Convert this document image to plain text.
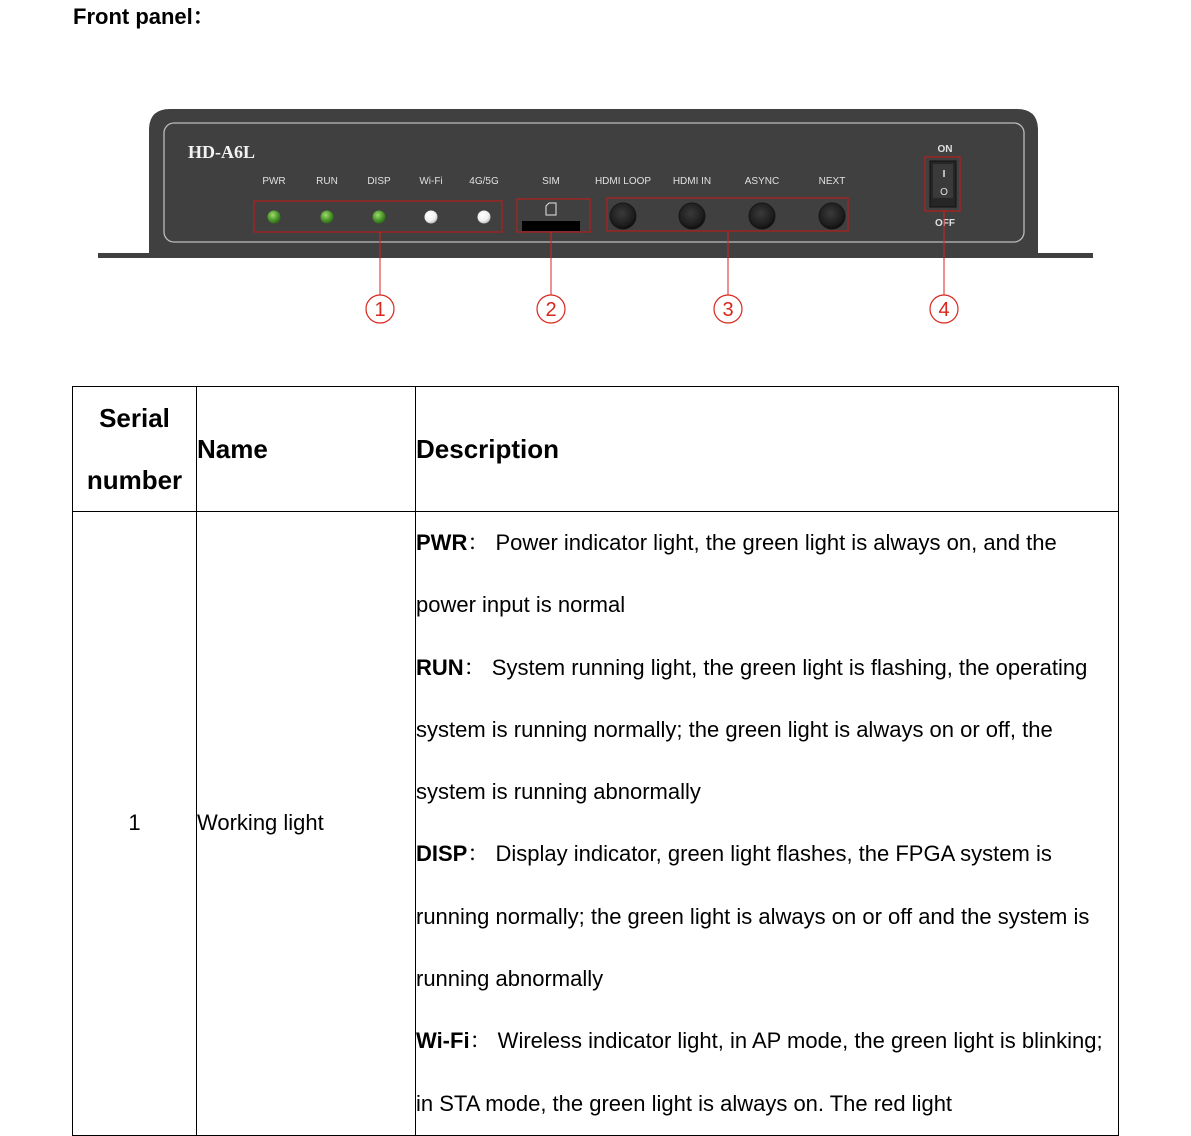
Front panel：
HD-A6L
PWR	RUN	DISP	Wi-Fi	4G/5G	SIM	HDMI LOOP HDMI IN	ASYNC	NEXT
ON
I
O
OFF
1	2	3	4
Serial
number	Name	Description
1	Working light	PWR： Power indicator light, the green light is always on, and the power input is normal
RUN： System running light, the green light is flashing, the operating system is running normally; the green light is always on or off, the system is running abnormally
DISP： Display indicator, green light flashes, the FPGA system is running normally; the green light is always on or off and the system is running abnormally
Wi-Fi： Wireless indicator light, in AP mode, the green light is blinking; in STA mode, the green light is always on. The red light
